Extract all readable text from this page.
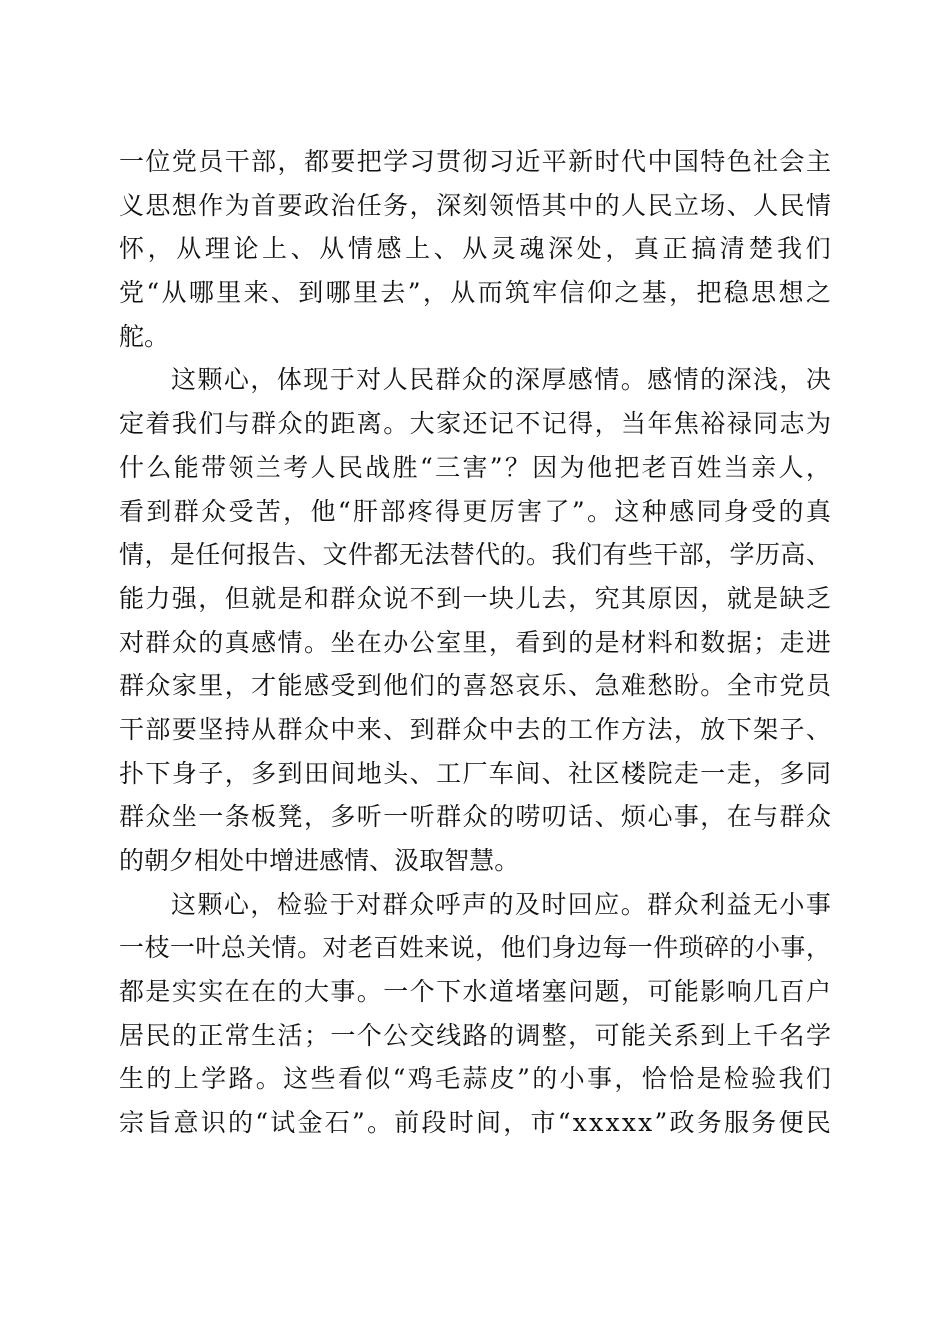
一 位 党 员 干 部 ， 都 要 把 学 习 贯 彻 习 近 平 新 时 代 中 国 特 色 社 会 主
义 思 想 作 为 首 要 政 治 任 务 ， 深 刻 领 悟 其 中 的 人 民 立 场 、 人 民 情
怀 ， 从 理 论 上 、 从 情 感 上 、 从 灵 魂 深 处 ， 真 正 搞 清 楚 我 们
党 “ 从 哪 里 来 、 到 哪 里 去 ” ， 从 而 筑 牢 信 仰 之 基 ， 把 稳 思 想 之
舵 。
这 颗 心 ， 体 现 于 对 人 民 群 众 的 深 厚 感 情 。 感 情 的 深 浅 ， 决
定 着 我 们 与 群 众 的 距 离 。 大 家 还 记 不 记 得 ， 当 年 焦 裕 禄 同 志 为
什 么 能 带 领 兰 考 人 民 战 胜 “ 三 害 ” ？ 因 为 他 把 老 百 姓 当 亲 人 ，
看 到 群 众 受 苦 ， 他 “ 肝 部 疼 得 更 厉 害 了 ” 。 这 种 感 同 身 受 的 真
情 ， 是 任 何 报 告 、 文 件 都 无 法 替 代 的 。 我 们 有 些 干 部 ， 学 历 高 、
能 力 强 ， 但 就 是 和 群 众 说 不 到 一 块 儿 去 ， 究 其 原 因 ， 就 是 缺 乏
对 群 众 的 真 感 情 。 坐 在 办 公 室 里 ， 看 到 的 是 材 料 和 数 据 ； 走 进
群 众 家 里 ， 才 能 感 受 到 他 们 的 喜 怒 哀 乐 、 急 难 愁 盼 。 全 市 党 员
干 部 要 坚 持 从 群 众 中 来 、 到 群 众 中 去 的 工 作 方 法 ， 放 下 架 子 、
扑 下 身 子 ， 多 到 田 间 地 头 、 工 厂 车 间 、 社 区 楼 院 走 一 走 ， 多 同
群 众 坐 一 条 板 凳 ， 多 听 一 听 群 众 的 唠 叨 话 、 烦 心 事 ， 在 与 群 众
的 朝 夕 相 处 中 增 进 感 情 、 汲 取 智 慧 。
这 颗 心 ， 检 验 于 对 群 众 呼 声 的 及 时 回 应 。 群 众 利 益 无 小 事
一 枝 一 叶 总 关 情 。 对 老 百 姓 来 说 ， 他 们 身 边 每 一 件 琐 碎 的 小 事 ，
都 是 实 实 在 在 的 大 事 。 一 个 下 水 道 堵 塞 问 题 ， 可 能 影 响 几 百 户
居 民 的 正 常 生 活 ； 一 个 公 交 线 路 的 调 整 ， 可 能 关 系 到 上 千 名 学
生 的 上 学 路 。 这 些 看 似 “ 鸡 毛 蒜 皮 ” 的 小 事 ， 恰 恰 是 检 验 我 们
宗 旨 意 识 的 “ 试 金 石 ” 。 前 段 时 间 ， 市 “ x x x x x ” 政 务 服 务 便 民
